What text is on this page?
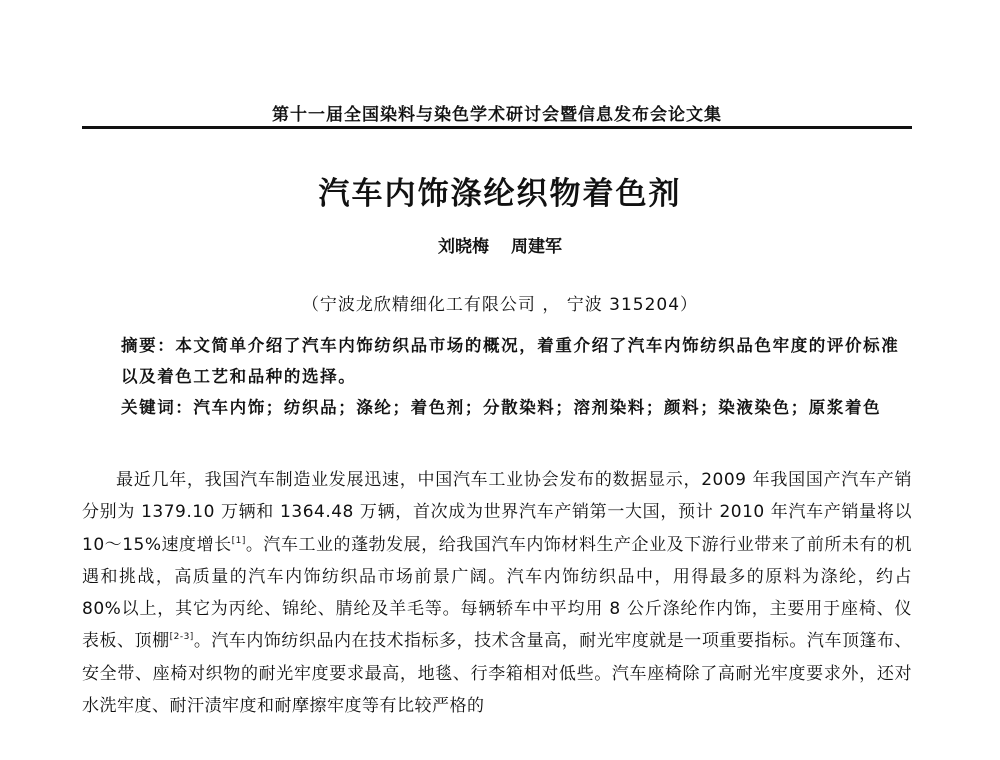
第十一届全国染料与染色学术研讨会暨信息发布会论文集
汽车内饰涤纶织物着色剂
刘晓梅 周建军
（宁波龙欣精细化工有限公司 ， 宁波 315204）

摘要：本文简单介绍了汽车内饰纺织品市场的概况，着重介绍了汽车内饰纺织品色牢度的评价标准以及着色工艺和品种的选择。

关键词：汽车内饰；纺织品；涤纶；着色剂；分散染料；溶剂染料；颜料；染液染色；原浆着色

最近几年，我国汽车制造业发展迅速，中国汽车工业协会发布的数据显示，2009 年我国国产汽车产销分别为 1379.10 万辆和 1364.48 万辆，首次成为世界汽车产销第一大国，预计 2010 年汽车产销量将以 10～15%速度增长[1]。汽车工业的蓬勃发展，给我国汽车内饰材料生产企业及下游行业带来了前所未有的机遇和挑战，高质量的汽车内饰纺织品市场前景广阔。汽车内饰纺织品中，用得最多的原料为涤纶，约占 80%以上，其它为丙纶、锦纶、腈纶及羊毛等。每辆轿车中平均用 8 公斤涤纶作内饰，主要用于座椅、仪表板、顶棚[2-3]。汽车内饰纺织品内在技术指标多，技术含量高，耐光牢度就是一项重要指标。汽车顶篷布、安全带、座椅对织物的耐光牢度要求最高，地毯、行李箱相对低些。汽车座椅除了高耐光牢度要求外，还对水洗牢度、耐汗渍牢度和耐摩擦牢度等有比较严格的
